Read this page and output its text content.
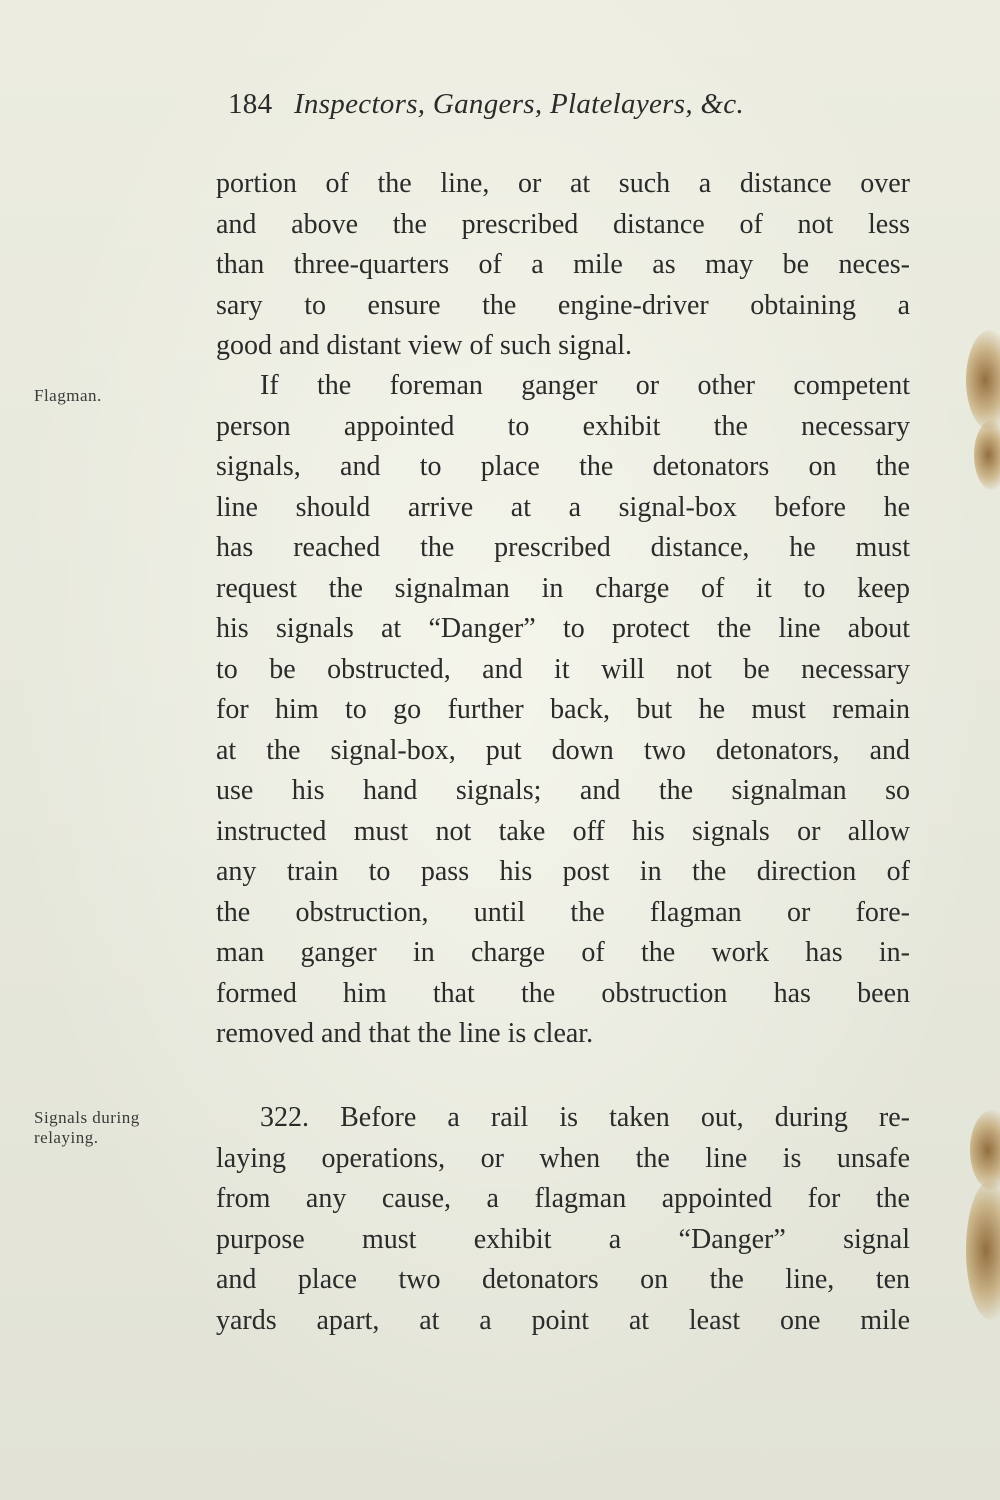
184 Inspectors, Gangers, Platelayers, &c.
portion of the line, or at such a distance over
and above the prescribed distance of not less
than three-quarters of a mile as may be neces-
sary to ensure the engine-driver obtaining a
good and distant view of such signal.
Flagman.	If the foreman ganger or other competent
person appointed to exhibit the necessary
signals, and to place the detonators on the
line should arrive at a signal-box before he
has reached the prescribed distance, he must
request the signalman in charge of it to keep
his signals at “Danger” to protect the line about
to be obstructed, and it will not be necessary
for him to go further back, but he must remain
at the signal-box, put down two detonators, and
use his hand signals; and the signalman so
instructed must not take off his signals or allow
any train to pass his post in the direction of
the obstruction, until the flagman or fore-
man ganger in charge of the work has in-
formed him that the obstruction has been
removed and that the line is clear.
Signals during
relaying.
322. Before a rail is taken out, during re-
laying operations, or when the line is unsafe
from any cause, a flagman appointed for the
purpose must exhibit a “Danger” signal
and place two detonators on the line, ten
yards apart, at a point at least one mile
